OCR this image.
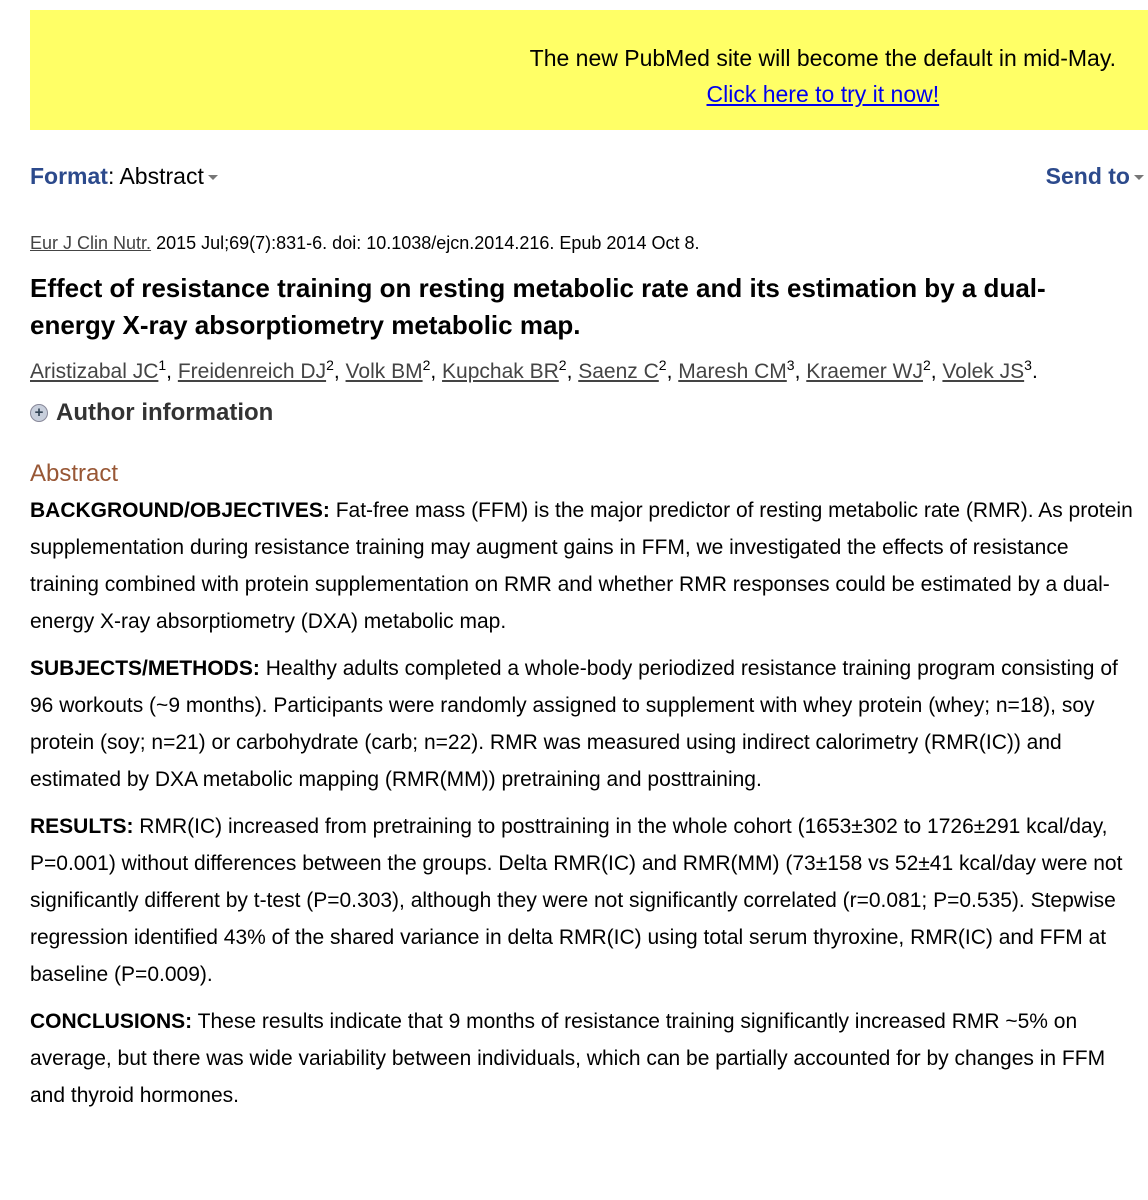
The new PubMed site will become the default in mid-May.
Click here to try it now!
Format: Abstract	Send to
Eur J Clin Nutr. 2015 Jul;69(7):831-6. doi: 10.1038/ejcn.2014.216. Epub 2014 Oct 8.
Effect of resistance training on resting metabolic rate and its estimation by a dual-energy X-ray absorptiometry metabolic map.
Aristizabal $JC^1$, Freidenreich $DJ^2$, Volk $BM^2$, Kupchak $BR^2$, Saenz $C^2$, Maresh $CM^3$, Kraemer $WJ^2$, Volek $JS^3$.
+ Author information
Abstract

BACKGROUND/OBJECTIVES: Fat-free mass (FFM) is the major predictor of resting metabolic rate (RMR). As protein supplementation during resistance training may augment gains in FFM, we investigated the effects of resistance training combined with protein supplementation on RMR and whether RMR responses could be estimated by a dual-energy X-ray absorptiometry (DXA) metabolic map.

SUBJECTS/METHODS: Healthy adults completed a whole-body periodized resistance training program consisting of 96 workouts (~9 months). Participants were randomly assigned to supplement with whey protein (whey; n=18), soy protein (soy; n=21) or carbohydrate (carb; n=22). RMR was measured using indirect calorimetry (RMR(IC)) and estimated by DXA metabolic mapping (RMR(MM)) pretraining and posttraining.

RESULTS: RMR(IC) increased from pretraining to posttraining in the whole cohort (1653±302 to 1726±291 kcal/day, P=0.001) without differences between the groups. Delta RMR(IC) and RMR(MM) (73±158 vs 52±41 kcal/day were not significantly different by t-test (P=0.303), although they were not significantly correlated (r=0.081; P=0.535). Stepwise regression identified 43% of the shared variance in delta RMR(IC) using total serum thyroxine, RMR(IC) and FFM at baseline (P=0.009).

CONCLUSIONS: These results indicate that 9 months of resistance training significantly increased RMR ~5% on average, but there was wide variability between individuals, which can be partially accounted for by changes in FFM and thyroid hormones.
